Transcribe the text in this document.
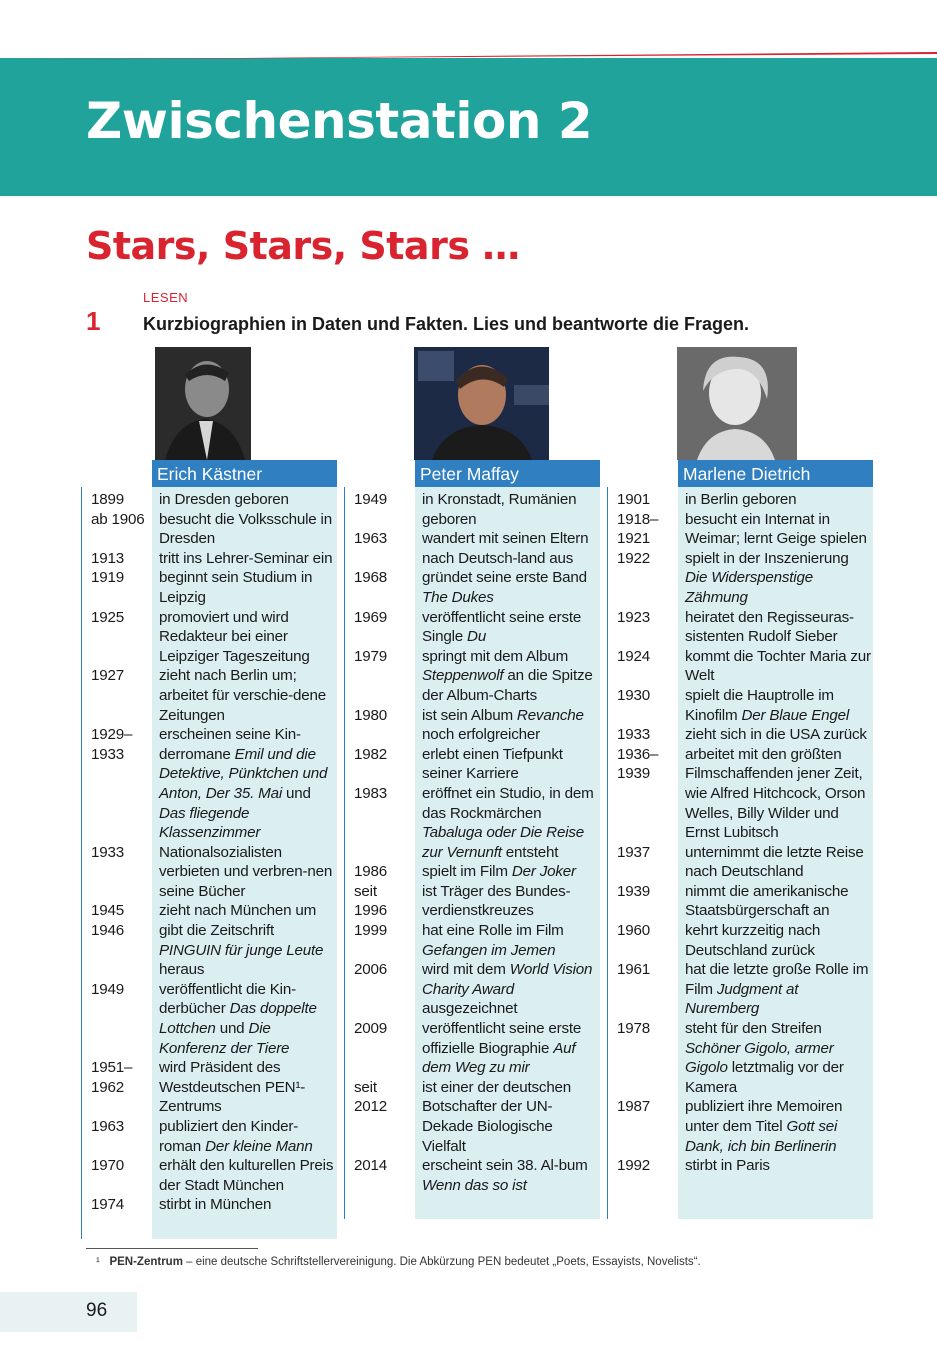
Zwischenstation 2
Stars, Stars, Stars …
LESEN
1 Kurzbiographien in Daten und Fakten. Lies und beantworte die Fragen.
Erich Kästner
1899 in Dresden geboren
ab 1906 besucht die Volksschule in Dresden
1913 tritt ins Lehrer-Seminar ein
1919 beginnt sein Studium in Leipzig
1925 promoviert und wird Redakteur bei einer Leipziger Tageszeitung
1927 zieht nach Berlin um; arbeitet für verschie-dene Zeitungen
1929–
1933
erscheinen seine Kin-derromane Emil und die Detektive, Pünktchen und Anton, Der 35. Mai und Das fliegende Klassenzimmer
1933 Nationalsozialisten verbieten und verbren-nen seine Bücher
1945 zieht nach München um
1946 gibt die Zeitschrift PINGUIN für junge Leute heraus
1949 veröffentlicht die Kin-derbücher Das doppelte Lottchen und Die Konferenz der Tiere
1951–
1962
wird Präsident des Westdeutschen PEN¹-Zentrums
1963 publiziert den Kinder-roman Der kleine Mann
1970 erhält den kulturellen Preis der Stadt München
1974 stirbt in München
Peter Maffay
1949 in Kronstadt, Rumänien geboren
1963 wandert mit seinen Eltern nach Deutsch-land aus
1968 gründet seine erste Band The Dukes
1969 veröffentlicht seine erste Single Du
1979 springt mit dem Album Steppenwolf an die Spitze der Album-Charts
1980 ist sein Album Revanche noch erfolgreicher
1982 erlebt einen Tiefpunkt seiner Karriere
1983 eröffnet ein Studio, in dem das Rockmärchen Tabaluga oder Die Reise zur Vernunft entsteht
1986 spielt im Film Der Joker
seit
1996
ist Träger des Bundes-verdienstkreuzes
1999 hat eine Rolle im Film Gefangen im Jemen
2006 wird mit dem World Vision Charity Award ausgezeichnet
2009 veröffentlicht seine erste offizielle Biographie Auf dem Weg zu mir
seit
2012
ist einer der deutschen Botschafter der UN-Dekade Biologische Vielfalt
2014 erscheint sein 38. Al-bum Wenn das so ist
Marlene Dietrich
1901 in Berlin geboren
1918–
1921
besucht ein Internat in Weimar; lernt Geige spielen
1922 spielt in der Inszenierung Die Widerspenstige Zähmung
1923 heiratet den Regisseuras-sistenten Rudolf Sieber
1924 kommt die Tochter Maria zur Welt
1930 spielt die Hauptrolle im Kinofilm Der Blaue Engel
1933 zieht sich in die USA zurück
1936–
1939
arbeitet mit den größten Filmschaffenden jener Zeit, wie Alfred Hitchcock, Orson Welles, Billy Wilder und Ernst Lubitsch
1937 unternimmt die letzte Reise nach Deutschland
1939 nimmt die amerikanische Staatsbürgerschaft an
1960 kehrt kurzzeitig nach Deutschland zurück
1961 hat die letzte große Rolle im Film Judgment at Nuremberg
1978 steht für den Streifen Schöner Gigolo, armer Gigolo letztmalig vor der Kamera
1987 publiziert ihre Memoiren unter dem Titel Gott sei Dank, ich bin Berlinerin
1992 stirbt in Paris
¹ PEN-Zentrum – eine deutsche Schriftstellervereinigung. Die Abkürzung PEN bedeutet „Poets, Essayists, Novelists“.
96
